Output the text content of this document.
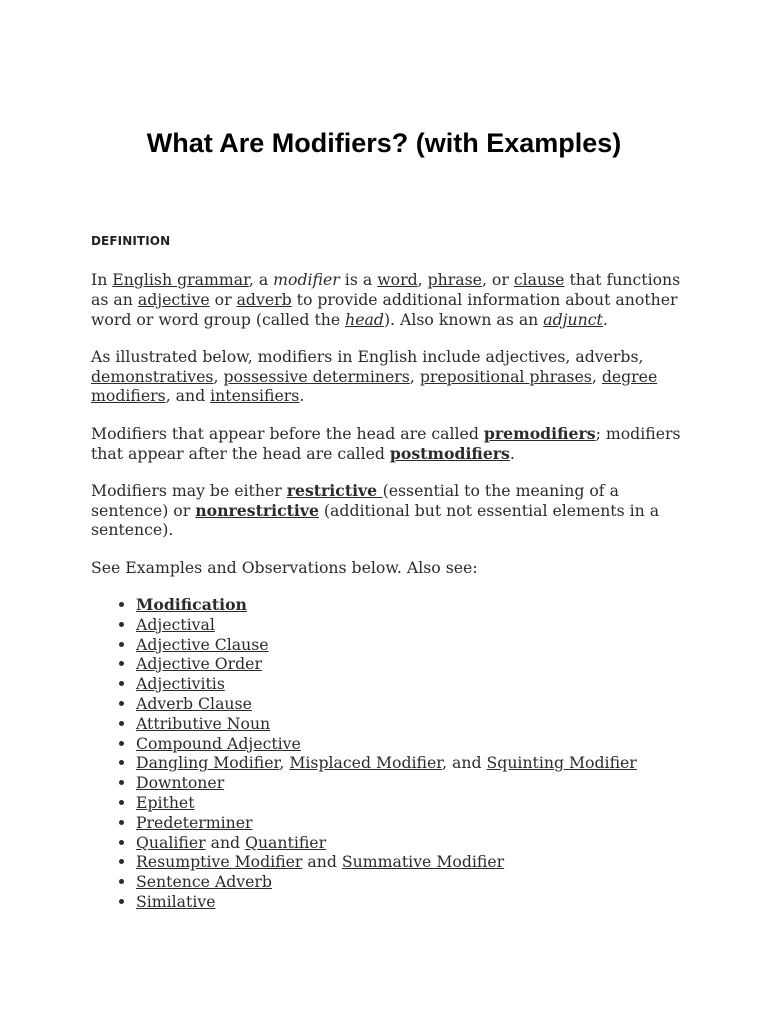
What Are Modifiers? (with Examples)
DEFINITION

In English grammar, a modifier is a word, phrase, or clause that functions as an adjective or adverb to provide additional information about another word or word group (called the head). Also known as an adjunct.

As illustrated below, modifiers in English include adjectives, adverbs, demonstratives, possessive determiners, prepositional phrases, degree modifiers, and intensifiers.

Modifiers that appear before the head are called premodifiers; modifiers that appear after the head are called postmodifiers.

Modifiers may be either restrictive (essential to the meaning of a sentence) or nonrestrictive (additional but not essential elements in a sentence).

See Examples and Observations below. Also see:

• Modification
• Adjectival
• Adjective Clause
• Adjective Order
• Adjectivitis
• Adverb Clause
• Attributive Noun
• Compound Adjective
• Dangling Modifier, Misplaced Modifier, and Squinting Modifier
• Downtoner
• Epithet
• Predeterminer
• Qualifier and Quantifier
• Resumptive Modifier and Summative Modifier
• Sentence Adverb
• Similative
